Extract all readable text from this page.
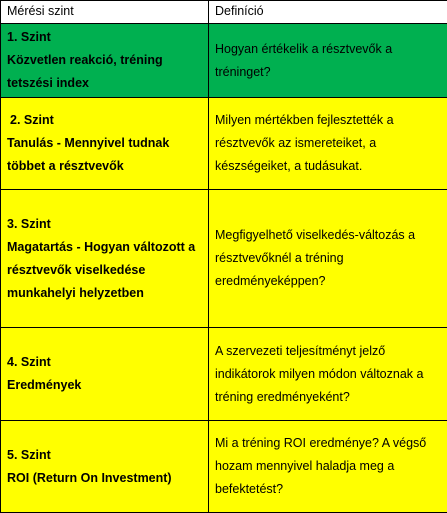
Mérési szint	Definíció

1. Szint
Közvetlen reakció, tréning tetszési index	Hogyan értékelik a résztvevők a tréninget?

2. Szint
Tanulás - Mennyivel tudnak többet a résztvevők	Milyen mértékben fejlesztették a résztvevők az ismereteiket, a készségeiket, a tudásukat.

3. Szint
Magatartás - Hogyan változott a résztvevők viselkedése munkahelyi helyzetben	Megfigyelhető viselkedés-változás a résztvevőknél a tréning eredményeképpen?

4. Szint
Eredmények	A szervezeti teljesítményt jelző indikátorok milyen módon változnak a tréning eredményeként?

5. Szint
ROI (Return On Investment)	Mi a tréning ROI eredménye? A végső hozam mennyivel haladja meg a befektetést?
